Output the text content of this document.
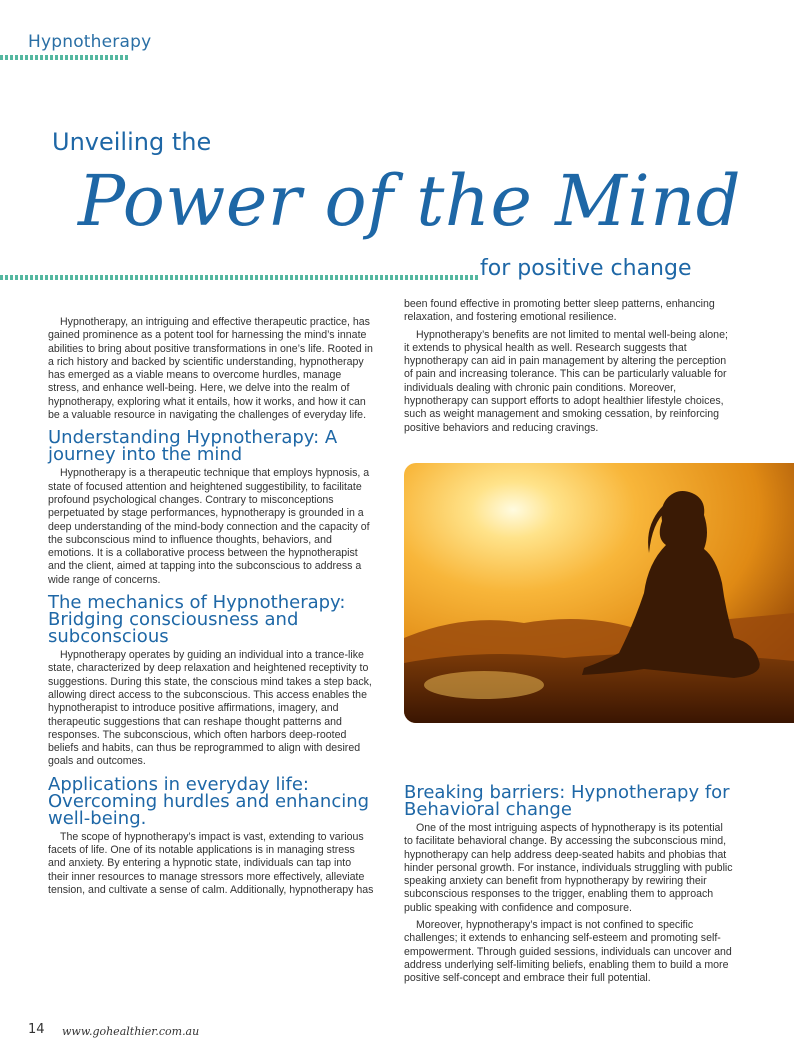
Hypnotherapy
Unveiling the
Power of the Mind
for positive change

Hypnotherapy, an intriguing and effective therapeutic practice, has gained prominence as a potent tool for harnessing the mind’s innate abilities to bring about positive transformations in one’s life. Rooted in a rich history and backed by scientific understanding, hypnotherapy has emerged as a viable means to overcome hurdles, manage stress, and enhance well-being. Here, we delve into the realm of hypnotherapy, exploring what it entails, how it works, and how it can be a valuable resource in navigating the challenges of everyday life.

Understanding Hypnotherapy: A journey into the mind

Hypnotherapy is a therapeutic technique that employs hypnosis, a state of focused attention and heightened suggestibility, to facilitate profound psychological changes. Contrary to misconceptions perpetuated by stage performances, hypnotherapy is grounded in a deep understanding of the mind-body connection and the capacity of the subconscious mind to influence thoughts, behaviors, and emotions. It is a collaborative process between the hypnotherapist and the client, aimed at tapping into the subconscious to address a wide range of concerns.

The mechanics of Hypnotherapy: Bridging consciousness and subconscious

Hypnotherapy operates by guiding an individual into a trance-like state, characterized by deep relaxation and heightened receptivity to suggestions. During this state, the conscious mind takes a step back, allowing direct access to the subconscious. This access enables the hypnotherapist to introduce positive affirmations, imagery, and therapeutic suggestions that can reshape thought patterns and responses. The subconscious, which often harbors deep-rooted beliefs and habits, can thus be reprogrammed to align with desired goals and outcomes.

Applications in everyday life: Overcoming hurdles and enhancing well-being.

The scope of hypnotherapy’s impact is vast, extending to various facets of life. One of its notable applications is in managing stress and anxiety. By entering a hypnotic state, individuals can tap into their inner resources to manage stressors more effectively, alleviate tension, and cultivate a sense of calm. Additionally, hypnotherapy has

been found effective in promoting better sleep patterns, enhancing relaxation, and fostering emotional resilience.

Hypnotherapy’s benefits are not limited to mental well-being alone; it extends to physical health as well. Research suggests that hypnotherapy can aid in pain management by altering the perception of pain and increasing tolerance. This can be particularly valuable for individuals dealing with chronic pain conditions. Moreover, hypnotherapy can support efforts to adopt healthier lifestyle choices, such as weight management and smoking cessation, by reinforcing positive behaviors and reducing cravings.

Breaking barriers: Hypnotherapy for Behavioral change

One of the most intriguing aspects of hypnotherapy is its potential to facilitate behavioral change. By accessing the subconscious mind, hypnotherapy can help address deep-seated habits and phobias that hinder personal growth. For instance, individuals struggling with public speaking anxiety can benefit from hypnotherapy by rewiring their subconscious responses to the trigger, enabling them to approach public speaking with confidence and composure.

Moreover, hypnotherapy’s impact is not confined to specific challenges; it extends to enhancing self-esteem and promoting self-empowerment. Through guided sessions, individuals can uncover and address underlying self-limiting beliefs, enabling them to build a more positive self-concept and embrace their full potential.

14 www.gohealthier.com.au
